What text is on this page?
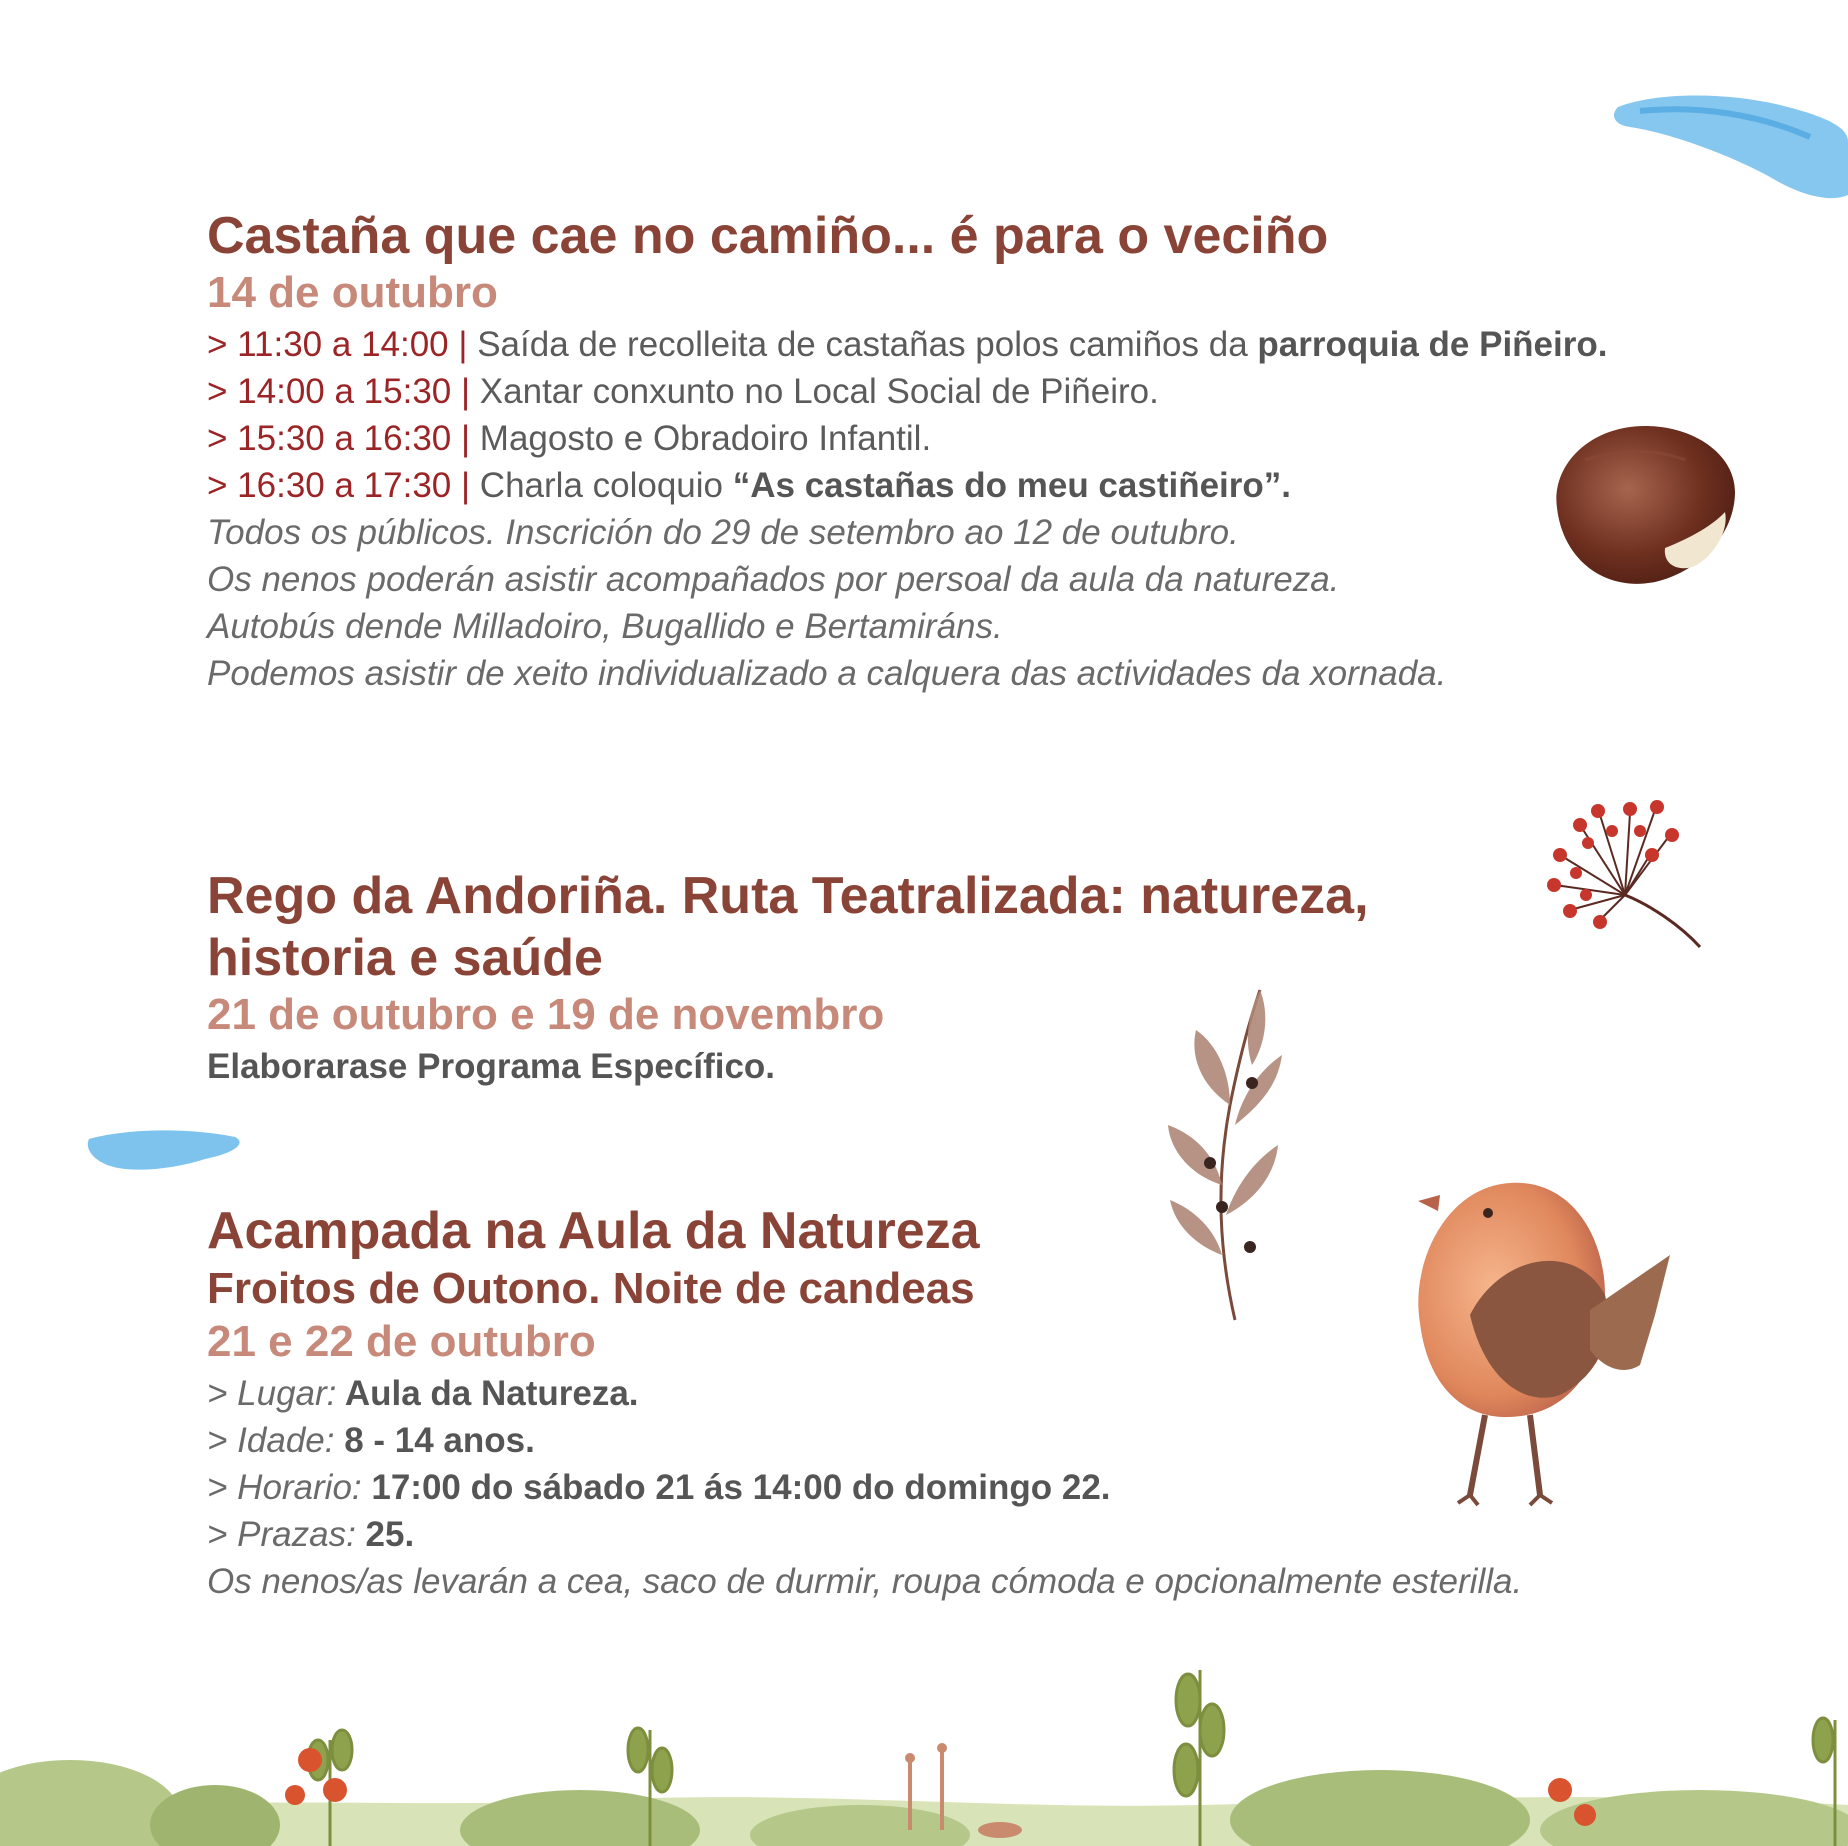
Castaña que cae no camiño... é para o veciño

14 de outubro

> 11:30 a 14:00 | Saída de recolleita de castañas polos camiños da parroquia de Piñeiro.

> 14:00 a 15:30 | Xantar conxunto no Local Social de Piñeiro.

> 15:30 a 16:30 | Magosto e Obradoiro Infantil.

> 16:30 a 17:30 | Charla coloquio “As castañas do meu castiñeiro”.

Todos os públicos. Inscrición do 29 de setembro ao 12 de outubro.

Os nenos poderán asistir acompañados por persoal da aula da natureza.

Autobús dende Milladoiro, Bugallido e Bertamiráns.

Podemos asistir de xeito individualizado a calquera das actividades da xornada.

Rego da Andoriña. Ruta Teatralizada: natureza, historia e saúde

21 de outubro e 19 de novembro

Elaborarase Programa Específico.

Acampada na Aula da Natureza
Froitos de Outono. Noite de candeas

21 e 22 de outubro

> Lugar: Aula da Natureza.

> Idade: 8 - 14 anos.

> Horario: 17:00 do sábado 21 ás 14:00 do domingo 22.

> Prazas: 25.

Os nenos/as levarán a cea, saco de durmir, roupa cómoda e opcionalmente esterilla.
